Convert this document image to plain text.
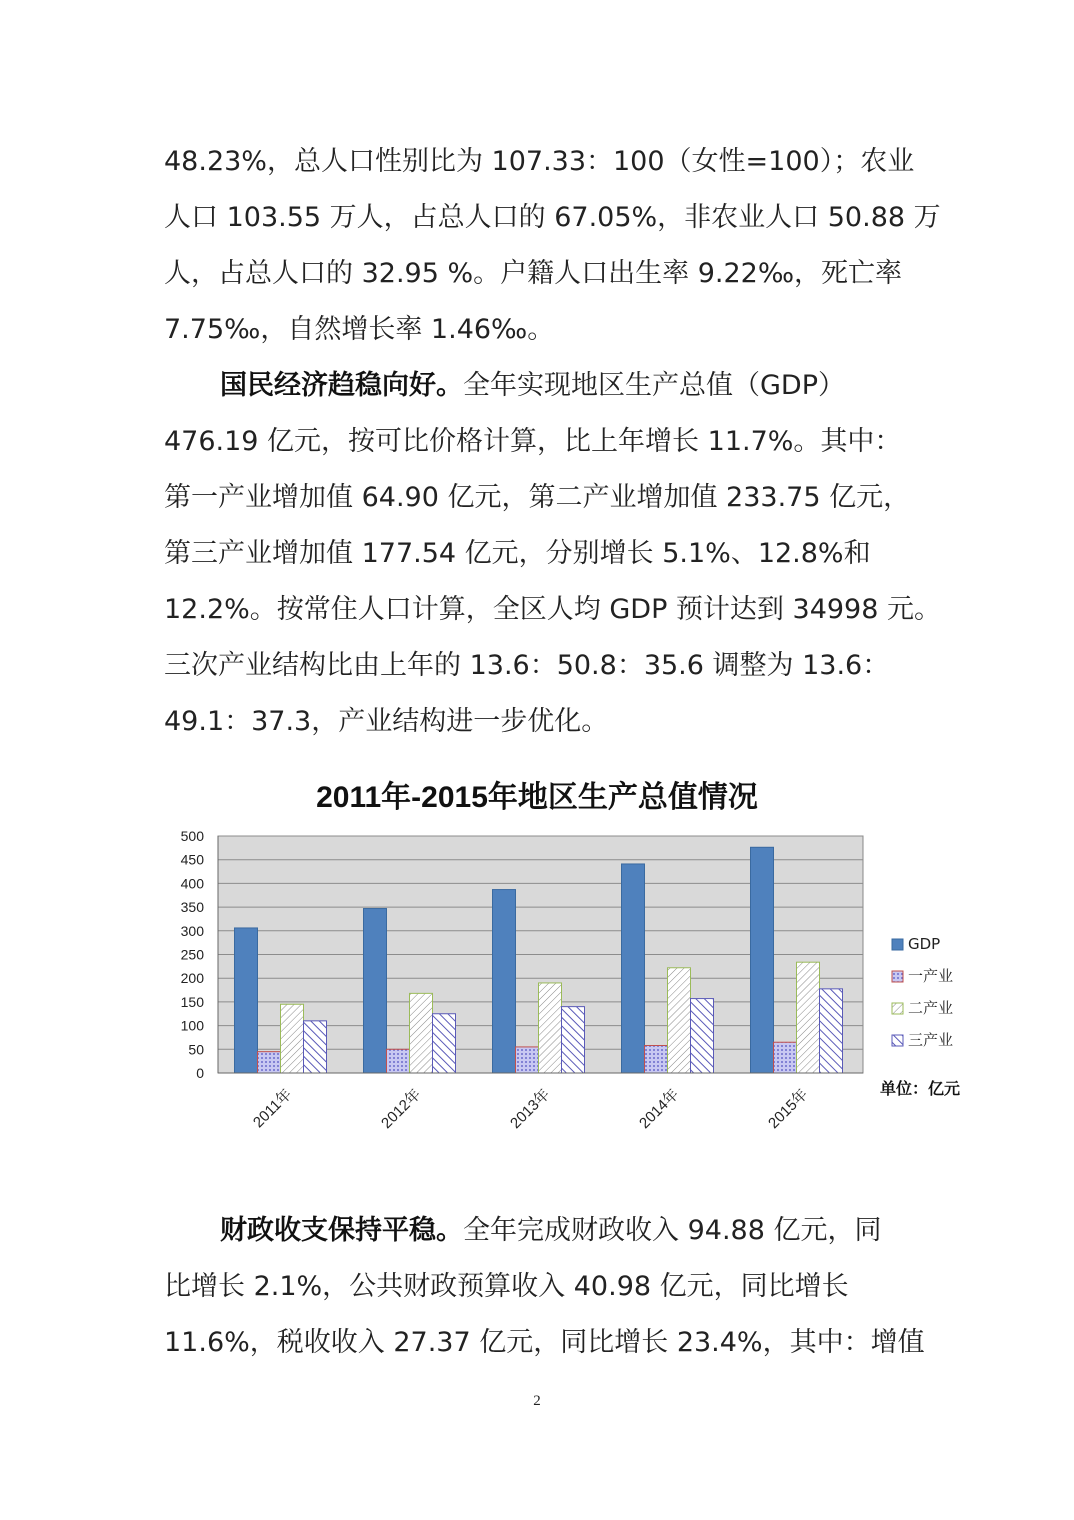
48.23%，总人口性别比为 107.33：100（女性=100）；农业
人口 103.55 万人，占总人口的 67.05%，非农业人口 50.88 万
人，占总人口的 32.95 %。户籍人口出生率 9.22‰，死亡率
7.75‰，自然增长率 1.46‰。
国民经济趋稳向好。全年实现地区生产总值（GDP）
476.19 亿元，按可比价格计算，比上年增长 11.7%。其中：
第一产业增加值 64.90 亿元，第二产业增加值 233.75 亿元，
第三产业增加值 177.54 亿元，分别增长 5.1%、12.8%和
12.2%。按常住人口计算，全区人均 GDP 预计达到 34998 元。
三次产业结构比由上年的 13.6：50.8：35.6 调整为 13.6：
49.1：37.3，产业结构进一步优化。
2011年-2015年地区生产总值情况
0
50
100
150
200
250
300
350
400
450
500
2011年	2012年	2013年	2014年	2015年
GDP
一产业
二产业
三产业
单位：亿元
财政收支保持平稳。全年完成财政收入 94.88 亿元，同
比增长 2.1%，公共财政预算收入 40.98 亿元，同比增长
11.6%，税收收入 27.37 亿元，同比增长 23.4%，其中：增值
2
